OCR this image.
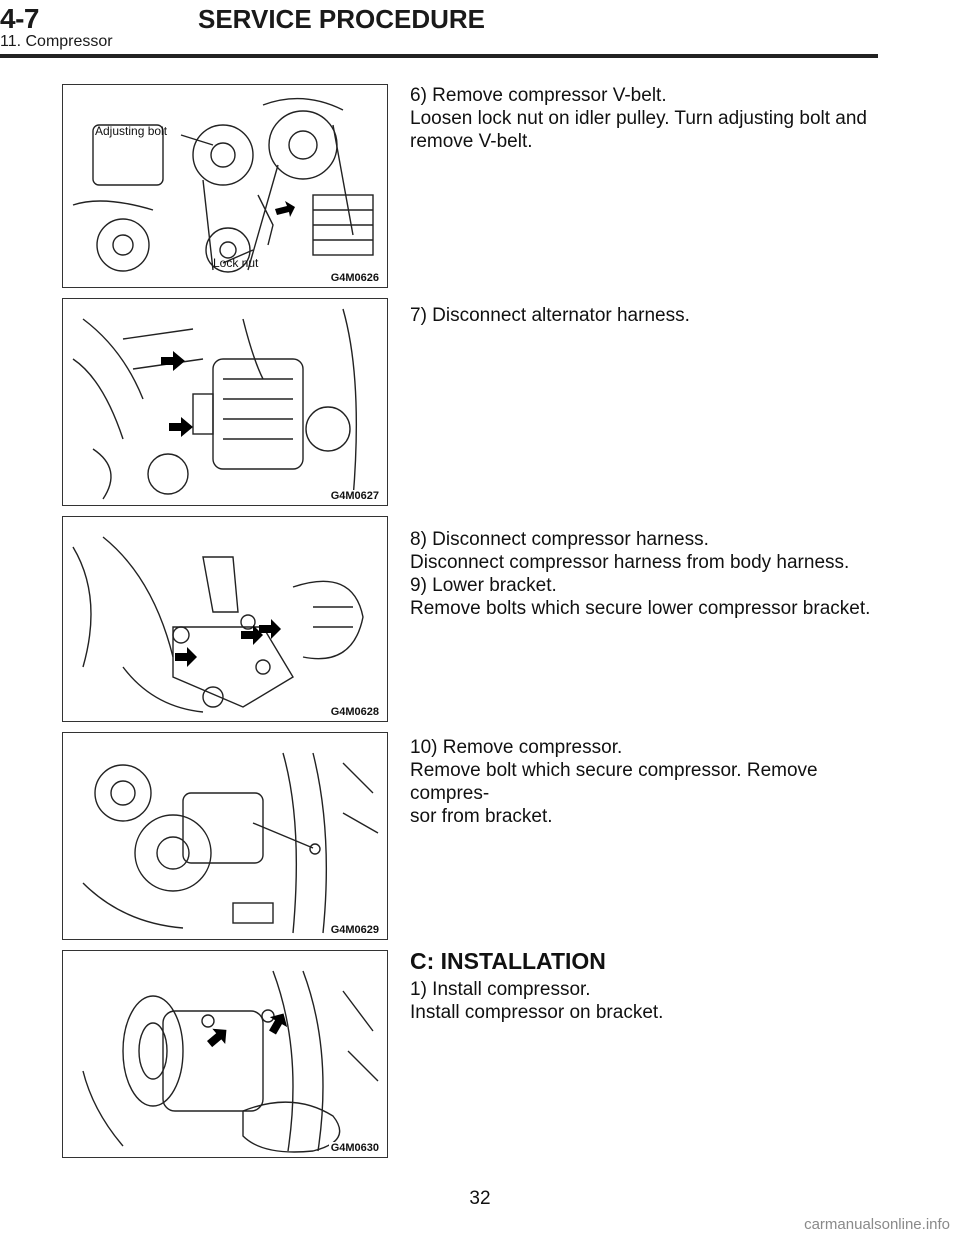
4-7	SERVICE PROCEDURE
11. Compressor
Adjusting bolt
Lock nut
G4M0626

6) Remove compressor V-belt.

Loosen lock nut on idler pulley. Turn adjusting bolt and

remove V-belt.

G4M0627

7) Disconnect alternator harness.

G4M0628

8) Disconnect compressor harness.

Disconnect compressor harness from body harness.

9) Lower bracket.

Remove bolts which secure lower compressor bracket.

G4M0629

10) Remove compressor.

Remove bolt which secure compressor. Remove compres-

sor from bracket.

G4M0630
C: INSTALLATION

1) Install compressor.

Install compressor on bracket.

32
carmanualsonline.info
